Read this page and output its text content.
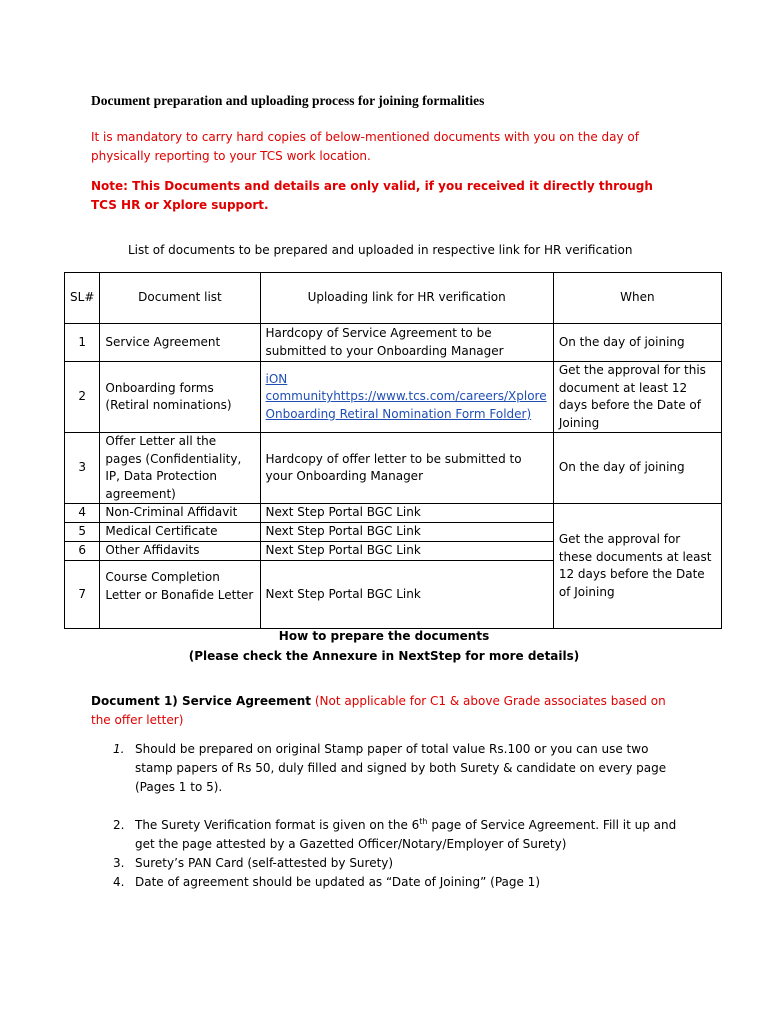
Document preparation and uploading process for joining formalities
It is mandatory to carry hard copies of below-mentioned documents with you on the day of physically reporting to your TCS work location.
Note: This Documents and details are only valid, if you received it directly through TCS HR or Xplore support.
List of documents to be prepared and uploaded in respective link for HR verification
SL#	Document list	Uploading link for HR verification	When
1	Service Agreement	Hardcopy of Service Agreement to be submitted to your Onboarding Manager	On the day of joining
2	Onboarding forms (Retiral nominations)	iON communityhttps://www.tcs.com/careers/Xplore Onboarding Retiral Nomination Form Folder)	Get the approval for this document at least 12 days before the Date of Joining
3	Offer Letter all the pages (Confidentiality, IP, Data Protection agreement)	Hardcopy of offer letter to be submitted to your Onboarding Manager	On the day of joining
4	Non-Criminal Affidavit	Next Step Portal BGC Link	Get the approval for these documents at least 12 days before the Date of Joining
5	Medical Certificate	Next Step Portal BGC Link	
6	Other Affidavits	Next Step Portal BGC Link	
7	Course Completion Letter or Bonafide Letter	Next Step Portal BGC Link	
How to prepare the documents
(Please check the Annexure in NextStep for more details)
Document 1) Service Agreement (Not applicable for C1 & above Grade associates based on the offer letter)
1. Should be prepared on original Stamp paper of total value Rs.100 or you can use two stamp papers of Rs 50, duly filled and signed by both Surety & candidate on every page (Pages 1 to 5).
2. The Surety Verification format is given on the 6th page of Service Agreement. Fill it up and get the page attested by a Gazetted Officer/Notary/Employer of Surety)
3. Surety’s PAN Card (self-attested by Surety)
4. Date of agreement should be updated as “Date of Joining” (Page 1)
